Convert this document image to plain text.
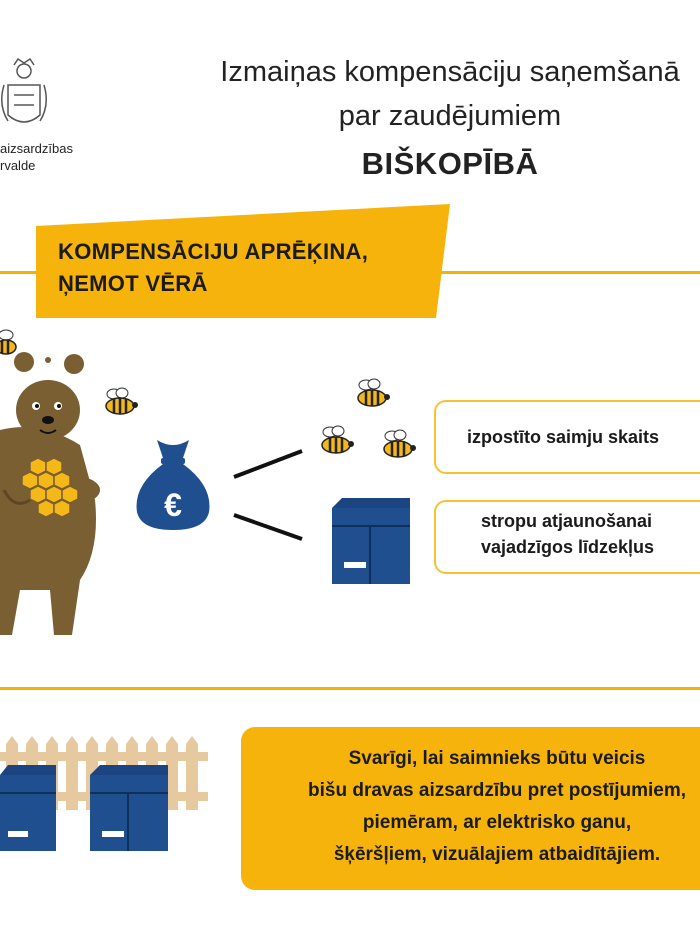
aizsardzības
rvalde
Izmaiņas kompensāciju saņemšanā
par zaudējumiem
BIŠKOPĪBĀ
KOMPENSĀCIJU APRĒĶINA,
ŅEMOT VĒRĀ
€
izpostīto saimju skaits
stropu atjaunošanai
vajadzīgos līdzekļus
Svarīgi, lai saimnieks būtu veicis
bišu dravas aizsardzību pret postījumiem,
piemēram, ar elektrisko ganu,
šķēršļiem, vizuālajiem atbaidītājiem.
